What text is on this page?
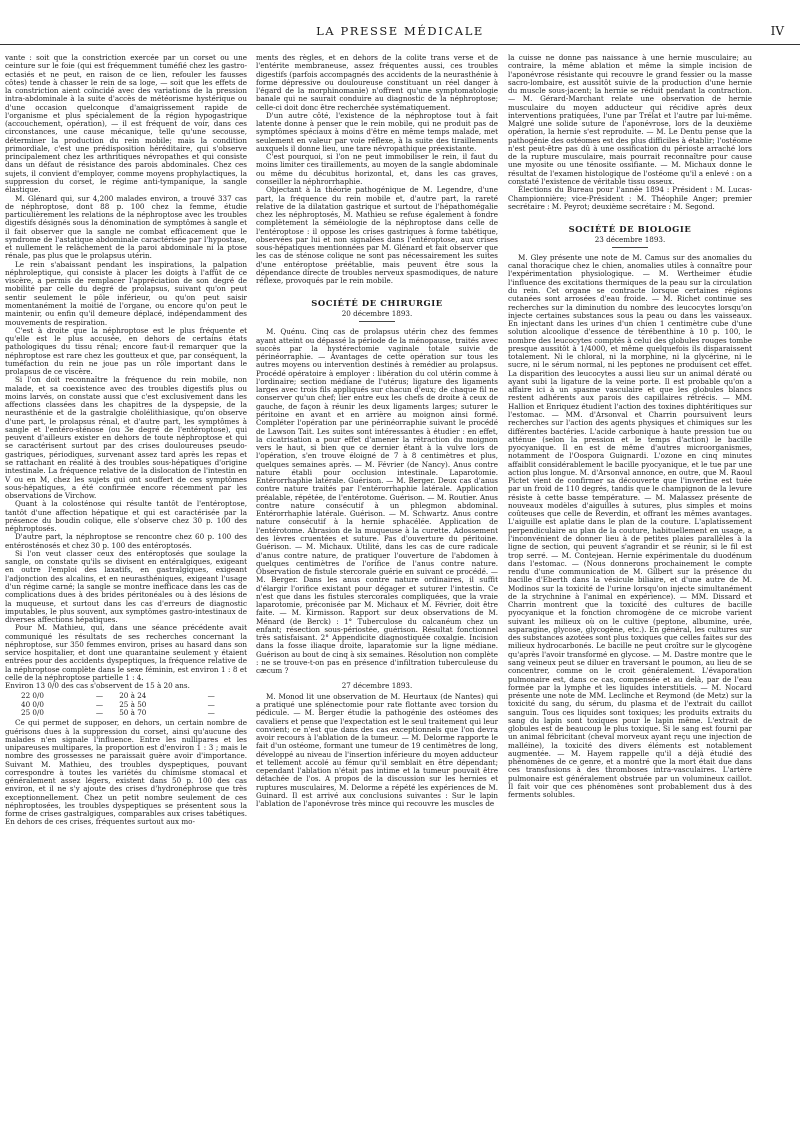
LA PRESSE MÉDICALE	IV

vante : soit que la constriction exercée par un corset ou une ceinture sur le foie (qui est fréquemment tuméfié chez les gastro-ectasiés et ne peut, en raison de ce lien, refouler les fausses côtes) tende à chasser le rein de sa loge, — soit que les effets de la constriction aient coïncidé avec des variations de la pression intra-abdominale à la suite d'accès de météorisme hystérique ou d'une occasion quelconque d'amaigrissement rapide de l'organisme et plus spécialement de la région hypogastrique (accouchement, opération), — il est fréquent de voir, dans ces circonstances, une cause mécanique, telle qu'une secousse, déterminer la production du rein mobile; mais la condition primordiale, c'est une prédisposition héréditaire, qui s'observe principalement chez les arthritiques névropathes et qui consiste dans un défaut de résistance des parois abdominales. Chez ces sujets, il convient d'employer, comme moyens prophylactiques, la suppression du corset, le régime anti-tympanique, la sangle élastique.

M. Glénard qui, sur 4,200 malades environ, a trouvé 337 cas de néphroptose, dont 88 p. 100 chez la femme, étudie particulièrement les relations de la néphroptose avec les troubles digestifs désignés sous la dénomination de symptômes à sangle et il fait observer que la sangle ne combat efficacement que le syndrome de l'astatique abdominale caractérisée par l'hypostase, et nullement le relâchement de la paroi abdominale ni la ptose rénale, pas plus que le prolapsus utérin.

Le rein s'abaissant pendant les inspirations, la palpation néphroleptique, qui consiste à placer les doigts à l'affût de ce viscère, a permis de remplacer l'appréciation de son degré de mobilité par celle du degré de prolapsus, suivant qu'on peut sentir seulement le pôle inférieur, ou qu'on peut saisir momentanément la moitié de l'organe, ou encore qu'on peut le maintenir, ou enfin qu'il demeure déplacé, indépendamment des mouvements de respiration.

C'est à droite que la néphroptose est le plus fréquente et qu'elle est le plus accusée, en dehors de certains états pathologiques du tissu rénal; encore faut-il remarquer que la néphroptose est rare chez les goutteux et que, par conséquent, la tuméfaction du rein ne joue pas un rôle important dans le prolapsus de ce viscère.

Si l'on doit reconnaître la fréquence du rein mobile, non malade, et sa coexistence avec des troubles digestifs plus ou moins larvés, on constate aussi que c'est exclusivement dans les affections classées dans les chapitres de la dyspepsie, de la neurasthénie et de la gastralgie cholélithiasique, qu'on observe d'une part, le prolapsus rénal, et d'autre part, les symptômes à sangle et l'entéro-sténose (ou 3e degré de l'entéroptose), qui peuvent d'ailleurs exister en dehors de toute néphroptose et qui se caractérisent surtout par des crises douloureuses pseudo-gastriques, périodiques, survenant assez tard après les repas et se rattachant en réalité à des troubles sous-hépatiques d'origine intestinale. La fréquence relative de la dislocation de l'intestin en V ou en M, chez les sujets qui ont souffert de ces symptômes sous-hépatiques, a été confirmée encore récemment par les observations de Virchow.

Quant à la colosténose qui résulte tantôt de l'entéroptose, tantôt d'une affection hépatique et qui est caractérisée par la présence du boudin colique, elle s'observe chez 30 p. 100 des néphroptosés.

D'autre part, la néphroptose se rencontre chez 60 p. 100 des entérosténosés et chez 30 p. 100 des entéroptosés.

Si l'on veut classer ceux des entéroptosés que soulage la sangle, on constate qu'ils se divisent en entéralgiques, exigeant en outre l'emploi des laxatifs, en gastralgiques, exigeant l'adjonction des alcalins, et en neurasthéniques, exigeant l'usage d'un régime carné; la sangle se montre inefficace dans les cas de complications dues à des brides péritonéales ou à des lésions de la muqueuse, et surtout dans les cas d'erreurs de diagnostic imputables, le plus souvent, aux symptômes gastro-intestinaux de diverses affections hépatiques.

Pour M. Mathieu, qui, dans une séance précédente avait communiqué les résultats de ses recherches concernant la néphroptose, sur 350 femmes environ, prises au hasard dans son service hospitalier, et dont une quarantaine seulement y étaient entrées pour des accidents dyspeptiques, la fréquence relative de la néphroptose complète dans le sexe féminin, est environ 1 : 8 et celle de la néphroptose partielle 1 : 4.

Environ 13 0/0 des cas s'observent de 15 à 20 ans.

22 0/0	—	20 à 24	—
40 0/0	—	25 à 50	—
25 0/0	—	50 à 70	—

Ce qui permet de supposer, en dehors, un certain nombre de guérisons dues à la suppression du corset, ainsi qu'aucune des malades n'en signale l'influence. Entre les nullipares et les unipareuses multipares, la proportion est d'environ 1 : 3 ; mais le nombre des grossesses ne paraissait guère avoir d'importance. Suivant M. Mathieu, des troubles dyspeptiques, pouvant correspondre à toutes les variétés du chimisme stomacal et généralement assez légers, existent dans 50 p. 100 des cas environ, et il ne s'y ajoute des crises d'hydronéphrose que très exceptionnellement. Chez un petit nombre seulement de ces néphroptosées, les troubles dyspeptiques se présentent sous la forme de crises gastralgiques, comparables aux crises tabétiques. En dehors de ces crises, fréquentes surtout aux mo-

ments des règles, et en dehors de la colite trans verse et de l'entérite membraneuse, assez fréquentes aussi, ces troubles digestifs (parfois accompagnés des accidents de la neurasthénie à forme dépressive ou douloureuse constituant un réel danger à l'égard de la morphinomanie) n'offrent qu'une symptomatologie banale qui ne saurait conduire au diagnostic de la néphroptose; celle-ci doit donc être recherchée systématiquement.

D'un autre côté, l'existence de la néphroptose tout à fait latente donne à penser que le rein mobile, qui ne produit pas de symptômes spéciaux à moins d'être en même temps malade, met seulement en valeur par voie réflexe, à la suite des tiraillements auxquels il donne lieu, une tare névropathique préexistante.

C'est pourquoi, si l'on ne peut immobiliser le rein, il faut du moins limiter ces tiraillements, au moyen de la sangle abdominale ou même du décubitus horizontal, et, dans les cas graves, conseiller la néphrorrhaphie.

Objectant à la théorie pathogénique de M. Legendre, d'une part, la fréquence du rein mobile et, d'autre part, la rareté relative de la dilatation gastrique et surtout de l'hépathomégalie chez les néphroptosés, M. Mathieu se refuse également à fondre complètement la séméiologie de la néphroptose dans celle de l'entéroptose : il oppose les crises gastriques à forme tabétique, observées par lui et non signalées dans l'entéroptose, aux crises sous-hépatiques mentionnées par M. Glénard et fait observer que les cas de sténose colique ne sont pas nécessairement les suites d'une entéroptose préétablie, mais peuvent être sous la dépendance directe de troubles nerveux spasmodiques, de nature réflexe, provoqués par le rein mobile.

SOCIÉTÉ DE CHIRURGIE

20 décembre 1893.

M. Quénu. Cinq cas de prolapsus utérin chez des femmes ayant atteint ou dépassé la période de la ménopause, traités avec succès par la hystérectomie vaginale totale suivie de périnéorraphie. — Avantages de cette opération sur tous les autres moyens ou intervention destinés à remédier au prolapsus. Procédé opératoire à employer : libération du col utérin comme à l'ordinaire; section médiane de l'utérus; ligature des ligaments larges avec trois fils appliqués sur chacun d'eux; de chaque fil ne conserver qu'un chef; lier entre eux les chefs de droite à ceux de gauche, de façon à réunir les deux ligaments larges; suturer le péritoine en avant et en arrière au moignon ainsi formé. Compléter l'opération par une périnéorraphie suivant le procédé de Lawson Tait. Les suites sont intéressantes à étudier : en effet, la cicatrisation a pour effet d'amener la rétraction du moignon vers le haut, si bien que ce dernier étant à la vulve lors de l'opération, s'en trouve éloigné de 7 à 8 centimètres et plus, quelques semaines après. — M. Février (de Nancy). Anus contre nature établi pour occlusion intestinale. Laparotomie. Entérorrhaphie latérale. Guérison. — M. Berger. Deux cas d'anus contre nature traités par l'entérorrhaphie latérale. Application préalable, répétée, de l'entérotome. Guérison. — M. Routier. Anus contre nature consécutif à un phlegmon abdominal. Entérorrhaphie latérale. Guérison. — M. Schwartz. Anus contre nature consécutif à la hernie sphacélée. Application de l'entérotome. Abrasion de la muqueuse à la curette. Adossement des lèvres cruentées et suture. Pas d'ouverture du péritoine. Guérison. — M. Michaux. Utilité, dans les cas de cure radicale d'anus contre nature, de pratiquer l'ouverture de l'abdomen à quelques centimètres de l'orifice de l'anus contre nature. Observation de fistule stercorale guérie en suivant ce procédé. — M. Berger. Dans les anus contre nature ordinaires, il suffit d'élargir l'orifice existant pour dégager et suturer l'intestin. Ce n'est que dans les fistules stercorales compliquées, que la vraie laparotomie, préconisée par M. Michaux et M. Février, doit être faite. — M. Kirmisson. Rapport sur deux observations de M. Ménard (de Berck) : 1° Tuberculose du calcanéum chez un enfant; résection sous-périostée, guérison. Résultat fonctionnel très satisfaisant. 2° Appendicite diagnostiquée coxalgie. Incision dans la fosse iliaque droite, laparatomie sur la ligne médiane. Guérison au bout de cinq à six semaines. Résolution non complète : ne se trouve-t-on pas en présence d'infiltration tuberculeuse du cæcum ?

27 décembre 1893.

M. Monod lit une observation de M. Heurtaux (de Nantes) qui a pratiqué une splénectomie pour rate flottante avec torsion du pédicule. — M. Berger étudie la pathogénie des ostéomes des cavaliers et pense que l'expectation est le seul traitement qui leur convient; ce n'est que dans des cas exceptionnels que l'on devra avoir recours à l'ablation de la tumeur. — M. Delorme rapporte le fait d'un ostéome, formant une tumeur de 19 centimètres de long, développé au niveau de l'insertion inférieure du moyen adducteur et tellement accolé au fémur qu'il semblait en être dépendant; cependant l'ablation n'était pas intime et la tumeur pouvait être détachée de l'os. A propos de la discussion sur les hernies et ruptures musculaires, M. Delorme a répété les expériences de M. Guinard. Il est arrivé aux conclusions suivantes : Sur le lapin l'ablation de l'aponévrose très mince qui recouvre les muscles de

la cuisse ne donne pas naissance à une hernie musculaire; au contraire, la même ablation et même la simple incision de l'aponévrose résistante qui recouvre le grand fessier ou la masse sacro-lombaire, est aussitôt suivie de la production d'une hernie du muscle sous-jacent; la hernie se réduit pendant la contraction. — M. Gérard-Marchant relate une observation de hernie musculaire du moyen adducteur qui récidive après deux interventions pratiquées, l'une par Trélat et l'autre par lui-même. Malgré une solide suture de l'aponévrose, lors de la deuxième opération, la hernie s'est reproduite. — M. Le Dentu pense que la pathogénie des ostéomes est des plus difficiles à établir; l'ostéome n'est peut-être pas dû à une ossification du périoste arraché lors de la rupture musculaire, mais pourrait reconnaître pour cause une myosite ou une ténosite ossifiante. — M. Michaux donne le résultat de l'examen histologique de l'ostéome qu'il a enlevé : on a constaté l'existence de véritable tissu osseux.

Élections du Bureau pour l'année 1894 : Président : M. Lucas-Championnière; vice-Président : M. Théophile Anger; premier secrétaire : M. Peyrot; deuxième secrétaire : M. Segond.

SOCIÉTÉ DE BIOLOGIE

23 décembre 1893.

M. Gley présente une note de M. Camus sur des anomalies du canal thoracique chez le chien, anomalies utiles à connaître pour l'expérimentation physiologique. — M. Wertheimer étudie l'influence des excitations thermiques de la peau sur la circulation du rein. Cet organe se contracte lorsque certaines régions cutanées sont arrosées d'eau froide. — M. Richet continue ses recherches sur la diminution du nombre des leucocytes lorsqu'on injecte certaines substances sous la peau ou dans les vaisseaux. En injectant dans les urines d'un chien 1 centimètre cube d'une solution alcoolique d'essence de térébenthine à 10 p. 100, le nombre des leucocytes comptés à celui des globules rouges tombe presque aussitôt à 1/4000, et même quelquefois ils disparaissent totalement. Ni le chloral, ni la morphine, ni la glycérine, ni le sucre, ni le sérum normal, ni les peptones ne produisent cet effet. La disparition des leucocytes a aussi lieu sur un animal dératé ou ayant subi la ligature de la veine porte. Il est probable qu'on a affaire ici à un spasme vasculaire et que les globules blancs restent adhérents aux parois des capillaires rétrécis. — MM. Hallion et Enriquez étudient l'action des toxines diphtéritiques sur l'estomac. — MM. d'Arsonval et Charrin poursuivent leurs recherches sur l'action des agents physiques et chimiques sur les différentes bactéries. L'acide carbonique à haute pression tue ou atténue (selon la pression et le temps d'action) le bacille pyocyanique. Il en est de même d'autres microorganismes, notamment de l'Oospora Guignardi. L'ozone en cinq minutes affaiblit considérablement le bacille pyocyanique, et le tue par une action plus longue. M. d'Arsonval annonce, en outre, que M. Raoul Pictet vient de confirmer sa découverte que l'invertine est tuée par un froid de 110 degrés, tandis que le champignon de la levure résiste à cette basse température. — M. Malassez présente de nouveaux modèles d'aiguilles à sutures, plus simples et moins coûteuses que celle de Reverdin, et offrant les mêmes avantages. L'aiguille est aplatie dans le plan de la couture. L'aplatissement perpendiculaire au plan de la couture, habituellement en usage, a l'inconvénient de donner lieu à de petites plaies parallèles à la ligne de section, qui peuvent s'agrandir et se réunir, si le fil est trop serré. — M. Contejean. Hernie expérimentale du duodénum dans l'estomac. — (Nous donnerons prochainement le compte rendu d'une communication de M. Gilbert sur la présence du bacille d'Eberth dans la vésicule biliaire, et d'une autre de M. Modinos sur la toxicité de l'urine lorsqu'on injecte simultanément de la strychnine à l'animal en expérience). — MM. Dissard et Charrin montrent que la toxicité des cultures de bacille pyocyanique et la fonction chromogène de ce microbe varient suivant les milieux où on le cultive (peptone, albumine, urée, asparagine, glycose, glycogène, etc.). En général, les cultures sur des substances azotées sont plus toxiques que celles faites sur des milieux hydrocarbonés. Le bacille ne peut croître sur le glycogène qu'après l'avoir transformé en glycose. — M. Dastre montre que le sang veineux peut se diluer en traversant le poumon, au lieu de se concentrer, comme on le croit généralement. L'évaporation pulmonaire est, dans ce cas, compensée et au delà, par de l'eau formée par la lymphe et les liquides interstitiels. — M. Nocard présente une note de MM. Leclinche et Reymond (de Metz) sur la toxicité du sang, du sérum, du plasma et de l'extrait du caillot sanguin. Tous ces liquides sont toxiques; les produits extraits du sang du lapin sont toxiques pour le lapin même. L'extrait de globules est de beaucoup le plus toxique. Si le sang est fourni par un animal fébricitant (cheval morveux ayant reçu une injection de malléine), la toxicité des divers éléments est notablement augmentée. — M. Hayem rappelle qu'il a déjà étudié des phénomènes de ce genre, et a montré que la mort était due dans ces transfusions à des thromboses intra-vasculaires. L'artère pulmonaire est généralement obstruée par un volumineux caillot. Il fait voir que ces phénomènes sont probablement dus à des ferments solubles.
